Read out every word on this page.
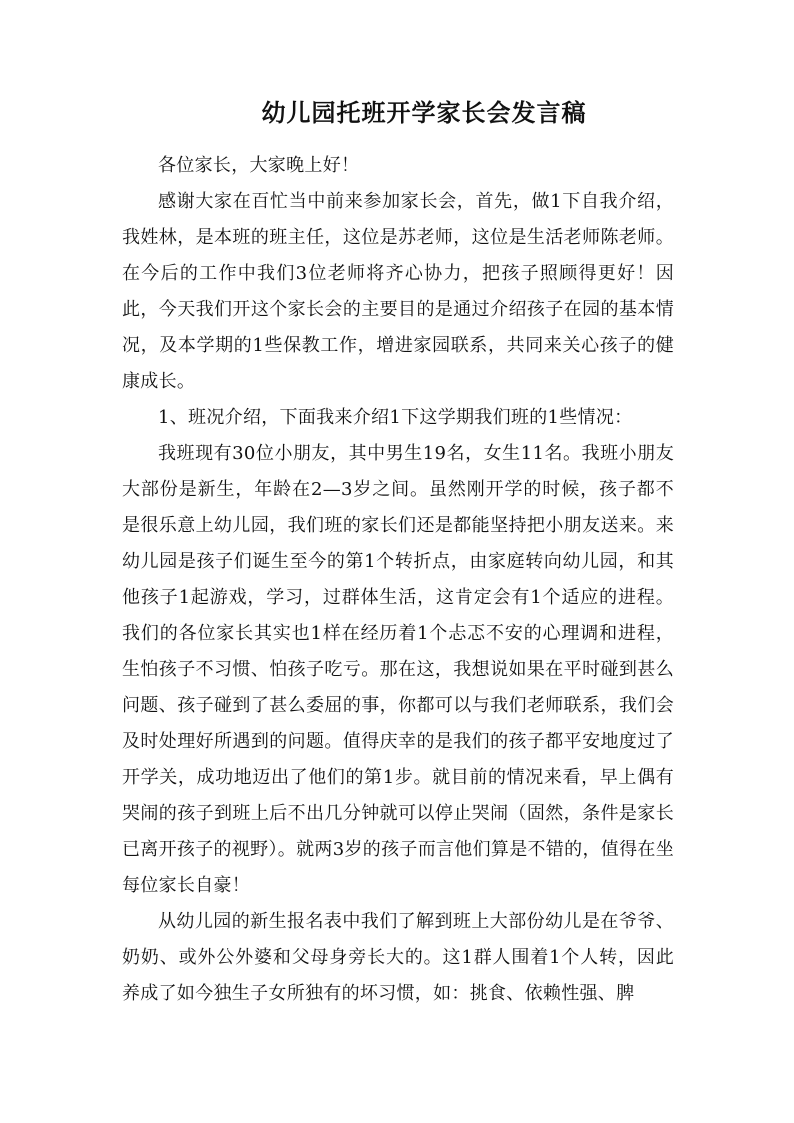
幼儿园托班开学家长会发言稿

各位家长，大家晚上好！

感谢大家在百忙当中前来参加家长会，首先，做1下自我介绍，我姓林，是本班的班主任，这位是苏老师，这位是生活老师陈老师。在今后的工作中我们3位老师将齐心协力，把孩子照顾得更好！因此，今天我们开这个家长会的主要目的是通过介绍孩子在园的基本情况，及本学期的1些保教工作，增进家园联系，共同来关心孩子的健康成长。

1、班况介绍，下面我来介绍1下这学期我们班的1些情况：

我班现有30位小朋友，其中男生19名，女生11名。我班小朋友大部份是新生，年龄在2—3岁之间。虽然刚开学的时候，孩子都不是很乐意上幼儿园，我们班的家长们还是都能坚持把小朋友送来。来幼儿园是孩子们诞生至今的第1个转折点，由家庭转向幼儿园，和其他孩子1起游戏，学习，过群体生活，这肯定会有1个适应的进程。我们的各位家长其实也1样在经历着1个忐忑不安的心理调和进程，生怕孩子不习惯、怕孩子吃亏。那在这，我想说如果在平时碰到甚么问题、孩子碰到了甚么委屈的事，你都可以与我们老师联系，我们会及时处理好所遇到的问题。值得庆幸的是我们的孩子都平安地度过了开学关，成功地迈出了他们的第1步。就目前的情况来看，早上偶有哭闹的孩子到班上后不出几分钟就可以停止哭闹（固然，条件是家长已离开孩子的视野）。就两3岁的孩子而言他们算是不错的，值得在坐每位家长自豪！

从幼儿园的新生报名表中我们了解到班上大部份幼儿是在爷爷、奶奶、或外公外婆和父母身旁长大的。这1群人围着1个人转，因此养成了如今独生子女所独有的坏习惯，如：挑食、依赖性强、脾
